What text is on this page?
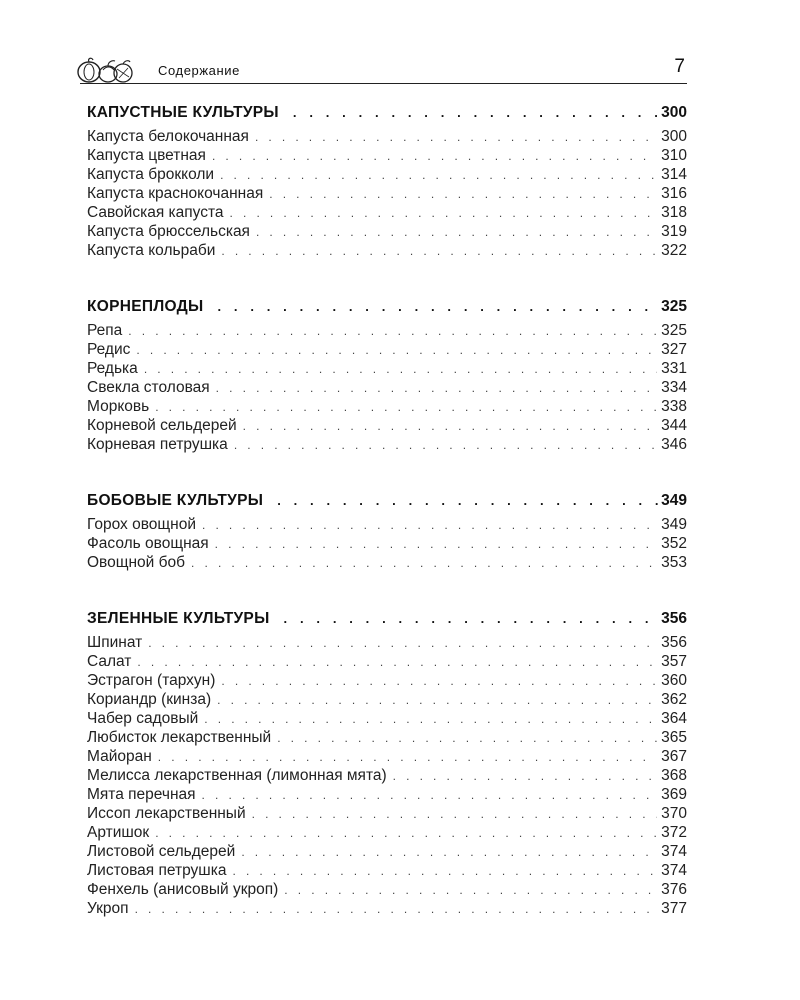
Содержание	7
КАПУСТНЫЕ КУЛЬТУРЫ . . .	300
Капуста белокочанная . . .	300
Капуста цветная . . .	310
Капуста брокколи . . .	314
Капуста краснокочанная . . .	316
Савойская капуста . . .	318
Капуста брюссельская . . .	319
Капуста кольраби . . .	322
КОРНЕПЛОДЫ . . .	325
Репа . . .	325
Редис . . .	327
Редька . . .	331
Свекла столовая . . .	334
Морковь . . .	338
Корневой сельдерей . . .	344
Корневая петрушка . . .	346
БОБОВЫЕ КУЛЬТУРЫ . . .	349
Горох овощной . . .	349
Фасоль овощная . . .	352
Овощной боб . . .	353
ЗЕЛЕННЫЕ КУЛЬТУРЫ . . .	356
Шпинат . . .	356
Салат . . .	357
Эстрагон (тархун) . . .	360
Кориандр (кинза) . . .	362
Чабер садовый . . .	364
Любисток лекарственный . . .	365
Майоран . . .	367
Мелисса лекарственная (лимонная мята) . . .	368
Мята перечная . . .	369
Иссоп лекарственный . . .	370
Артишок . . .	372
Листовой сельдерей . . .	374
Листовая петрушка . . .	374
Фенхель (анисовый укроп) . . .	376
Укроп . . .	377
